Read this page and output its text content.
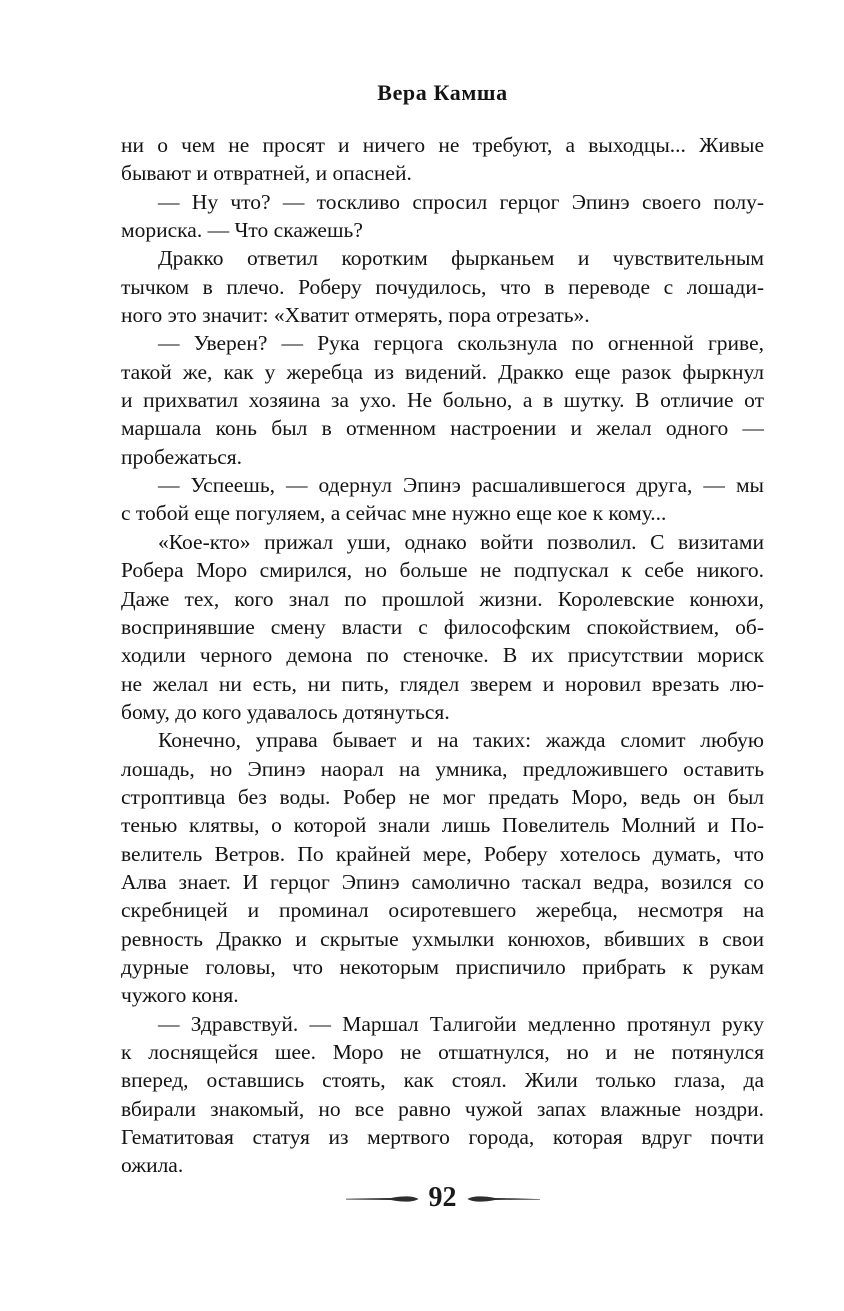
Вера Камша
ни о чем не просят и ничего не требуют, а выходцы... Живые
бывают и отвратней, и опасней.
— Ну что? — тоскливо спросил герцог Эпинэ своего полу-
мориска. — Что скажешь?
Дракко ответил коротким фырканьем и чувствительным
тычком в плечо. Роберу почудилось, что в переводе с лошади-
ного это значит: «Хватит отмерять, пора отрезать».
— Уверен? — Рука герцога скользнула по огненной гриве,
такой же, как у жеребца из видений. Дракко еще разок фыркнул
и прихватил хозяина за ухо. Не больно, а в шутку. В отличие от
маршала конь был в отменном настроении и желал одного —
пробежаться.
— Успеешь, — одернул Эпинэ расшалившегося друга, — мы
с тобой еще погуляем, а сейчас мне нужно еще кое к кому...
«Кое-кто» прижал уши, однако войти позволил. С визитами
Робера Моро смирился, но больше не подпускал к себе никого.
Даже тех, кого знал по прошлой жизни. Королевские конюхи,
воспринявшие смену власти с философским спокойствием, об-
ходили черного демона по стеночке. В их присутствии мориск
не желал ни есть, ни пить, глядел зверем и норовил врезать лю-
бому, до кого удавалось дотянуться.
Конечно, управа бывает и на таких: жажда сломит любую
лошадь, но Эпинэ наорал на умника, предложившего оставить
строптивца без воды. Робер не мог предать Моро, ведь он был
тенью клятвы, о которой знали лишь Повелитель Молний и По-
велитель Ветров. По крайней мере, Роберу хотелось думать, что
Алва знает. И герцог Эпинэ самолично таскал ведра, возился со
скребницей и проминал осиротевшего жеребца, несмотря на
ревность Дракко и скрытые ухмылки конюхов, вбивших в свои
дурные головы, что некоторым приспичило прибрать к рукам
чужого коня.
— Здравствуй. — Маршал Талигойи медленно протянул руку
к лоснящейся шее. Моро не отшатнулся, но и не потянулся
вперед, оставшись стоять, как стоял. Жили только глаза, да
вбирали знакомый, но все равно чужой запах влажные ноздри.
Гематитовая статуя из мертвого города, которая вдруг почти
ожила.
92
